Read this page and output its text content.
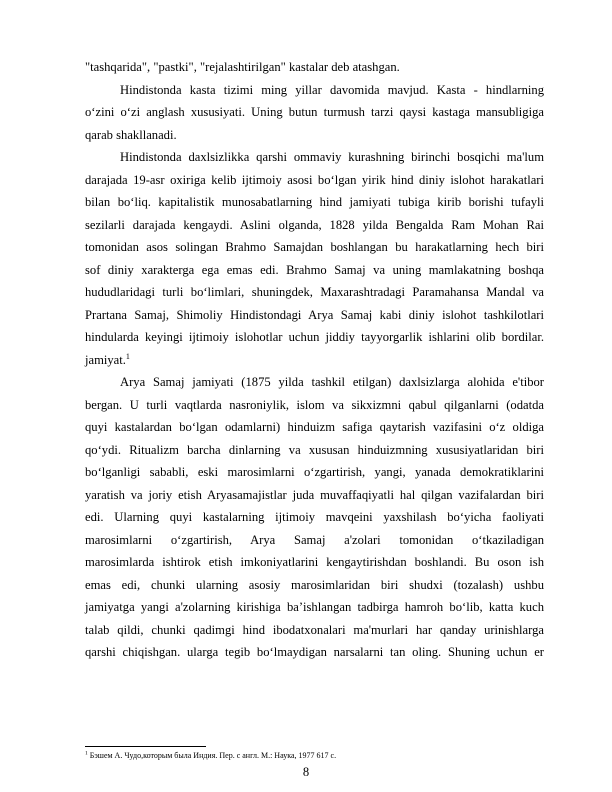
"tashqarida", "pastki", "rejalashtirilgan" kastalar deb atashgan.
Hindistonda kasta tizimi ming yillar davomida mavjud. Kasta - hindlarning
o‘zini o‘zi anglash xususiyati. Uning butun turmush tarzi qaysi kastaga mansubligiga
qarab shakllanadi.
Hindistonda daxlsizlikka qarshi ommaviy kurashning birinchi bosqichi ma'lum
darajada 19-asr oxiriga kelib ijtimoiy asosi bo‘lgan yirik hind diniy islohot harakatlari
bilan bo‘liq. kapitalistik munosabatlarning hind jamiyati tubiga kirib borishi tufayli
sezilarli darajada kengaydi. Aslini olganda, 1828 yilda Bengalda Ram Mohan Rai
tomonidan asos solingan Brahmo Samajdan boshlangan bu harakatlarning hech biri
sof diniy xarakterga ega emas edi. Brahmo Samaj va uning mamlakatning boshqa
hududlaridagi turli bo‘limlari, shuningdek, Maxarashtradagi Paramahansa Mandal va
Prartana Samaj, Shimoliy Hindistondagi Arya Samaj kabi diniy islohot tashkilotlari
hindularda keyingi ijtimoiy islohotlar uchun jiddiy tayyorgarlik ishlarini olib bordilar.
jamiyat.$^1$
Arya Samaj jamiyati (1875 yilda tashkil etilgan) daxlsizlarga alohida e'tibor
bergan. U turli vaqtlarda nasroniylik, islom va sikxizmni qabul qilganlarni (odatda
quyi kastalardan bo‘lgan odamlarni) hinduizm safiga qaytarish vazifasini o‘z oldiga
qo‘ydi. Ritualizm barcha dinlarning va xususan hinduizmning xususiyatlaridan biri
bo‘lganligi sababli, eski marosimlarni o‘zgartirish, yangi, yanada demokratiklarini
yaratish va joriy etish Aryasamajistlar juda muvaffaqiyatli hal qilgan vazifalardan biri
edi. Ularning quyi kastalarning ijtimoiy mavqeini yaxshilash bo‘yicha faoliyati
marosimlarni o‘zgartirish, Arya Samaj a'zolari tomonidan o‘tkaziladigan
marosimlarda ishtirok etish imkoniyatlarini kengaytirishdan boshlandi. Bu oson ish
emas edi, chunki ularning asosiy marosimlaridan biri shudxi (tozalash) ushbu
jamiyatga yangi a'zolarning kirishiga ba’ishlangan tadbirga hamroh bo‘lib, katta kuch
talab qildi, chunki qadimgi hind ibodatxonalari ma'murlari har qanday urinishlarga
qarshi chiqishgan. ularga tegib bo‘lmaydigan narsalarni tan oling. Shuning uchun er
$^1$ Бэшем А. Чудо,которым была Индия. Пер. с англ. М.: Наука, 1977 617 с.
8
